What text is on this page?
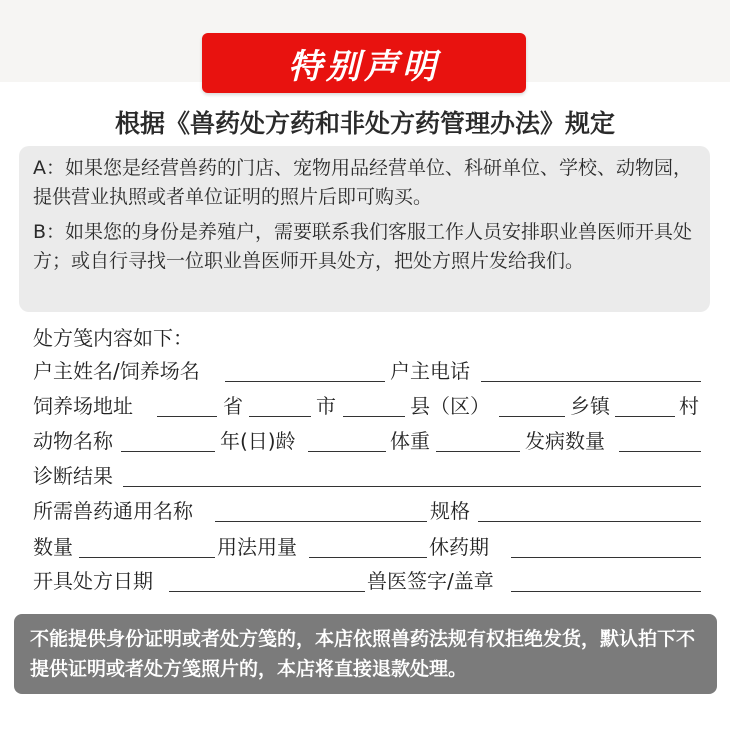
特别声明
根据《兽药处方药和非处方药管理办法》规定
A：如果您是经营兽药的门店、宠物用品经营单位、科研单位、学校、动物园，提供营业执照或者单位证明的照片后即可购买。
B：如果您的身份是养殖户，需要联系我们客服工作人员安排职业兽医师开具处方；或自行寻找一位职业兽医师开具处方，把处方照片发给我们。
处方笺内容如下：
户主姓名/饲养场名	户主电话
饲养场地址	省	市	县（区）	乡镇	村
动物名称	年(日)龄	体重	发病数量
诊断结果
所需兽药通用名称	规格
数量	用法用量	休药期
开具处方日期	兽医签字/盖章
不能提供身份证明或者处方笺的，本店依照兽药法规有权拒绝发货，默认拍下不提供证明或者处方笺照片的，本店将直接退款处理。
